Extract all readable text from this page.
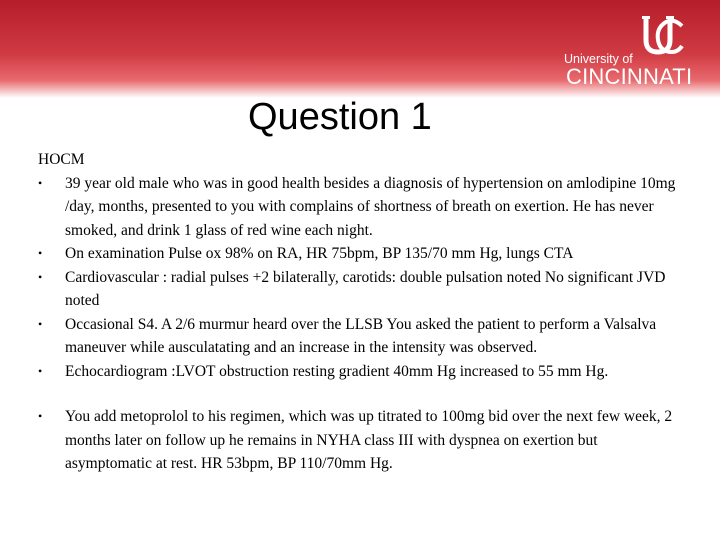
University of
CINCINNATI
Question 1

HOCM

•	39 year old male who was in good health besides a diagnosis of hypertension on amlodipine 10mg /day, months, presented to you with complains of shortness of breath on exertion. He has never smoked, and drink 1 glass of red wine each night.
•	On examination Pulse ox 98% on RA, HR 75bpm, BP 135/70 mm Hg, lungs CTA
•	Cardiovascular : radial pulses +2 bilaterally, carotids: double pulsation noted No significant JVD noted
•	Occasional S4. A 2/6 murmur heard over the LLSB You asked the patient to perform a Valsalva maneuver while ausculatating and an increase in the intensity was observed.
•	Echocardiogram :LVOT obstruction resting gradient 40mm Hg increased to 55 mm Hg.
•	You add metoprolol to his regimen, which was up titrated to 100mg bid over the next few week, 2 months later on follow up he remains in NYHA class III with dyspnea on exertion but asymptomatic at rest. HR 53bpm, BP 110/70mm Hg.
